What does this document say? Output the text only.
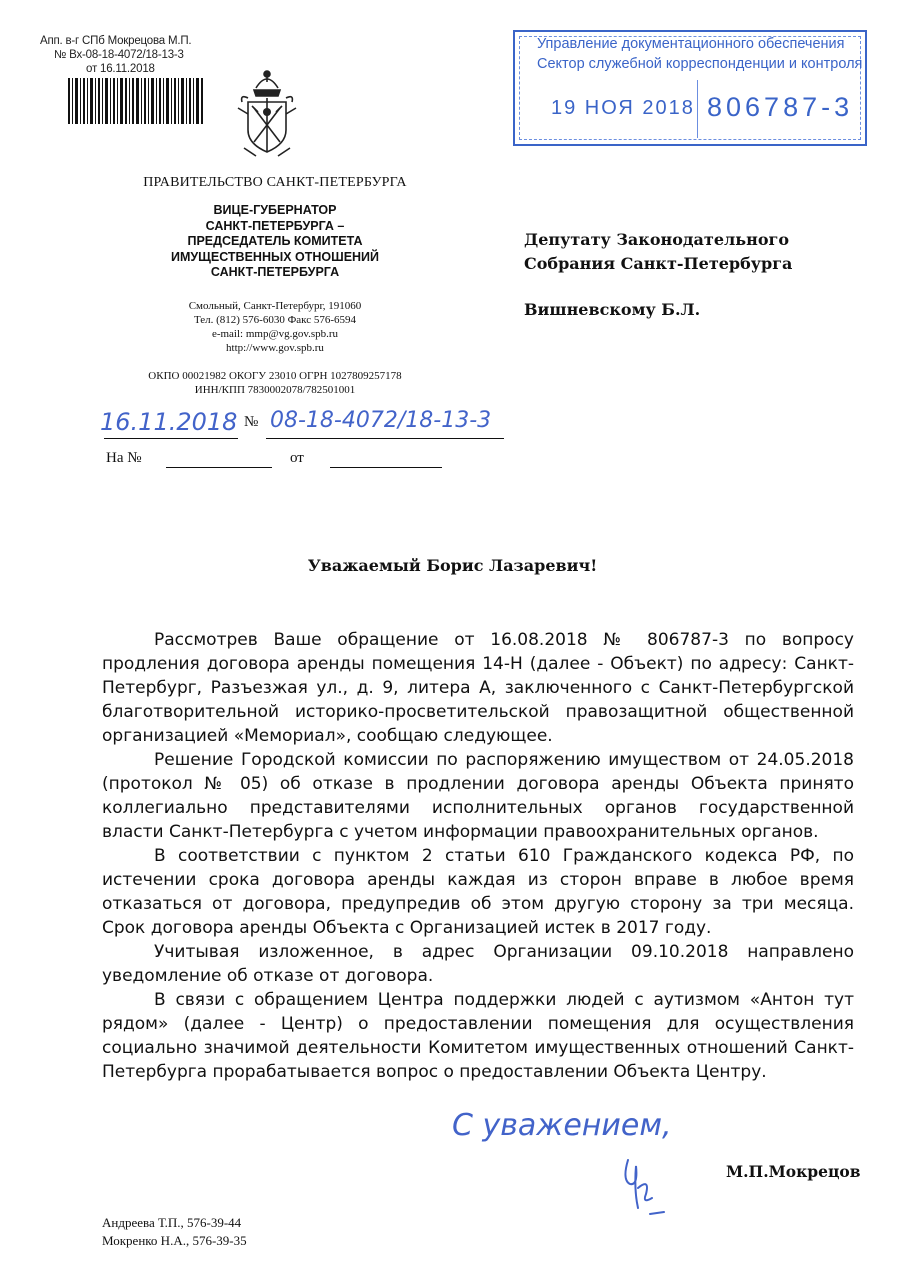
Апп. в-г СПб Мокрецова М.П.
№ Вх-08-18-4072/18-13-3
от 16.11.2018
Управление документационного обеспечения
Сектор служебной корреспонденции и контроля
19 НОЯ 2018 806787-3
ПРАВИТЕЛЬСТВО САНКТ-ПЕТЕРБУРГА
ВИЦЕ-ГУБЕРНАТОР
САНКТ-ПЕТЕРБУРГА –
ПРЕДСЕДАТЕЛЬ КОМИТЕТА
ИМУЩЕСТВЕННЫХ ОТНОШЕНИЙ
САНКТ-ПЕТЕРБУРГА
Смольный, Санкт-Петербург, 191060
Тел. (812) 576-6030 Факс 576-6594
e-mail: mmp@vg.gov.spb.ru
http://www.gov.spb.ru
ОКПО 00021982 ОКОГУ 23010 ОГРН 1027809257178
ИНН/КПП 7830002078/782501001
16.11.2018 № 08-18-4072/18-13-3
На №	от
Депутату Законодательного
Собрания Санкт-Петербурга
Вишневскому Б.Л.
Уважаемый Борис Лазаревич!

Рассмотрев Ваше обращение от 16.08.2018 № 806787-3 по вопросу продления договора аренды помещения 14-Н (далее - Объект) по адресу: Санкт-Петербург, Разъезжая ул., д. 9, литера А, заключенного с Санкт-Петербургской благотворительной историко-просветительской правозащитной общественной организацией «Мемориал», сообщаю следующее.

Решение Городской комиссии по распоряжению имуществом от 24.05.2018 (протокол № 05) об отказе в продлении договора аренды Объекта принято коллегиально представителями исполнительных органов государственной власти Санкт-Петербурга с учетом информации правоохранительных органов.

В соответствии с пунктом 2 статьи 610 Гражданского кодекса РФ, по истечении срока договора аренды каждая из сторон вправе в любое время отказаться от договора, предупредив об этом другую сторону за три месяца. Срок договора аренды Объекта с Организацией истек в 2017 году.

Учитывая изложенное, в адрес Организации 09.10.2018 направлено уведомление об отказе от договора.

В связи с обращением Центра поддержки людей с аутизмом «Антон тут рядом» (далее - Центр) о предоставлении помещения для осуществления социально значимой деятельности Комитетом имущественных отношений Санкт-Петербурга прорабатывается вопрос о предоставлении Объекта Центру.

С уважением,
М.П.Мокрецов
Андреева Т.П., 576-39-44
Мокренко Н.А., 576-39-35
